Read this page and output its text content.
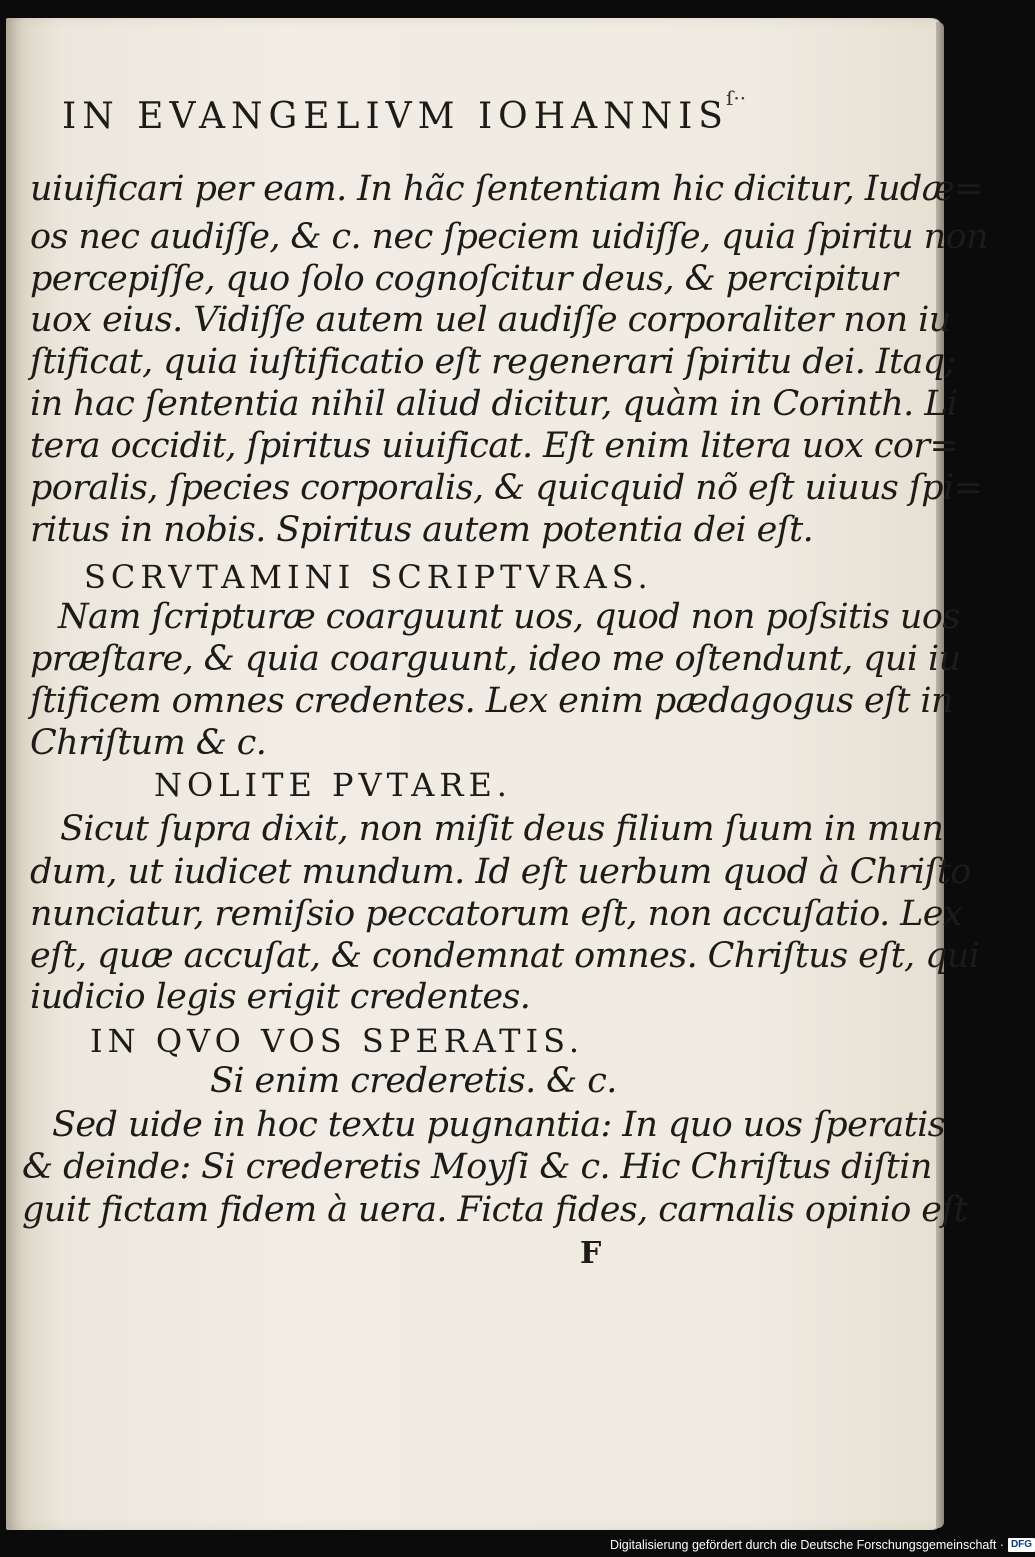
IN EVANGELIVM IOHANNIS
ſ··
uiuificari per eam. In hãc ſententiam hic dicitur, Iudæ=
os nec audiſſe, & c. nec ſpeciem uidiſſe, quia ſpiritu non
percepiſſe, quo ſolo cognoſcitur deus, & percipitur
uox eius. Vidiſſe autem uel audiſſe corporaliter non iu
ſtificat, quia iuſtificatio eſt regenerari ſpiritu dei. Itaq;
in hac ſententia nihil aliud dicitur, quàm in Corinth. Li
tera occidit, ſpiritus uiuificat. Eſt enim litera uox cor=
poralis, ſpecies corporalis, & quicquid nõ eſt uiuus ſpi=
ritus in nobis. Spiritus autem potentia dei eſt.
SCRVTAMINI SCRIPTVRAS.
Nam ſcripturæ coarguunt uos, quod non poſsitis uos
præſtare, & quia coarguunt, ideo me oſtendunt, qui iu
ſtificem omnes credentes. Lex enim pædagogus eſt in
Chriſtum & c.
NOLITE PVTARE.
Sicut ſupra dixit, non miſit deus filium ſuum in mun
dum, ut iudicet mundum. Id eſt uerbum quod à Chriſto
nunciatur, remiſsio peccatorum eſt, non accuſatio. Lex
eſt, quæ accuſat, & condemnat omnes. Chriſtus eſt, qui
iudicio legis erigit credentes.
IN QVO VOS SPERATIS.
Si enim crederetis. & c.
Sed uide in hoc textu pugnantia: In quo uos ſperatis
& deinde: Si crederetis Moyſi & c. Hic Chriſtus diſtin
guit fictam fidem à uera. Ficta fides, carnalis opinio eſt
F
Digitalisierung gefördert durch die Deutsche Forschungsgemeinschaft · DFG
